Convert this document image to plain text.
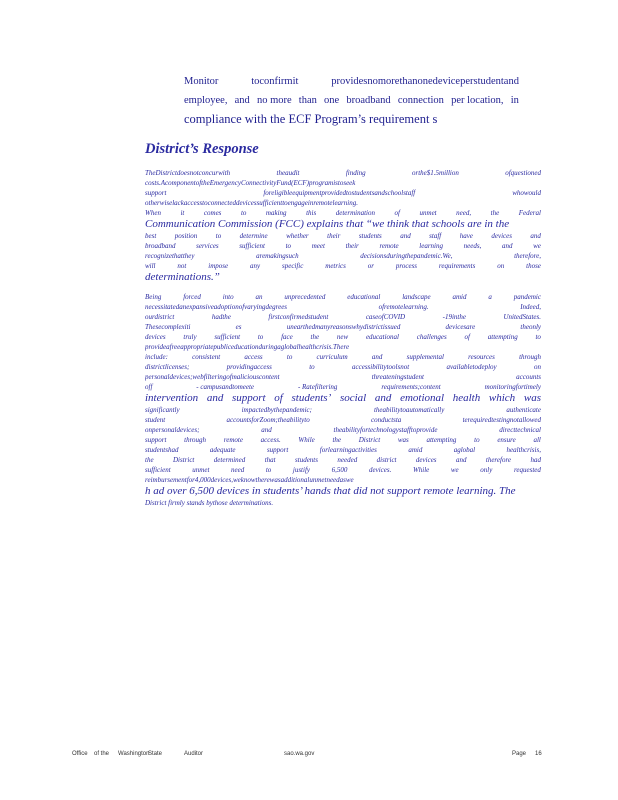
Monitor	toconfirmit	providesnomorethanonedeviceperstudentand
employee, and no more than one broadband connection per location, in
compliance with the ECF Program’s requirement s
District’s Response
TheDistrictdoesnotconcurwith	theaudit	finding	orthe$1.5million	ofquestioned
costs.AcomponentoftheEmergencyConnectivityFund(ECF)programistoseek
support	foreligibleequipmentprovidedtostudentsandschoolstaff	whowould
otherwiselackaccesstoconnecteddevicessufficienttoengageinremotelearning.
When	it	comes	to	making	this	determination	of	unmet	need,	the	Federal
Communication Commission (FCC) explains that “we think that schools are in the
best	position	to	determine	whether	their	students	and	staff	have	devices	and
broadband	services	sufficient	to	meet	their	remote	learning	needs,	and	we
recognizethatthey	aremakingsuch	decisionsduringthepandemic.We,	therefore,
will	not	impose	any	specific	metrics	or	process	requirements	on	those
determinations.”
Being	forced	into	an	unprecedented	educational	landscape	amid	a	pandemic
necessitatedanexpansiveadoptionofvaryingdegrees	ofremotelearning.	Indeed,
ourdistrict	hadthe	firstconfirmedstudent	caseofCOVID	-19inthe	UnitedStates.
Thesecomplexiti	es	unearthedmanyreasonswhydistrictissued	devicesare	theonly
devices	truly	sufficient	to	face	the	new	educational	challenges	of	attempting	to
provideafreeappropriatepubliceducationduringaglobalhealthcrisis.There
include:	consistent	access	to	curriculum	and	supplemental	resources	through
districtlicenses;	providingaccess	to	accessibilitytoolsnot	availabletodeploy	on
personaldevices;webfilteringofmaliciouscontent	threateningstudent	accounts
off	- campusandtomeete	- Ratefiltering	requirements;content	monitoringfortimely
intervention and support of students’ social and emotional health which was
significantly	impactedbythepandemic;	theabilitytoautomatically	authenticate
student	accountsforZoom;theabilityto	conductsta	terequiredtestingnotallowed
onpersonaldevices;	and	theabilityfortechnologystafftoprovide	directtechnical
support	through	remote	access.	While	the	District	was	attempting	to	ensure	all
studentshad	adequate	support	forlearningactivities	amid	aglobal	healthcrisis,
the	District	determined	that	students	needed	district	devices	and	therefore	had
sufficient	unmet	need	to	justify	6,500	devices.	While	we	only	requested
reimbursementfor4,000devices,weknowtherewasadditionalunmetneedaswe
h ad over 6,500 devices in students’ hands that did not support remote learning. The
District firmly stands bythose determinations.
Office of the Washington
State	Auditor	sao.wa.gov	Page 16
